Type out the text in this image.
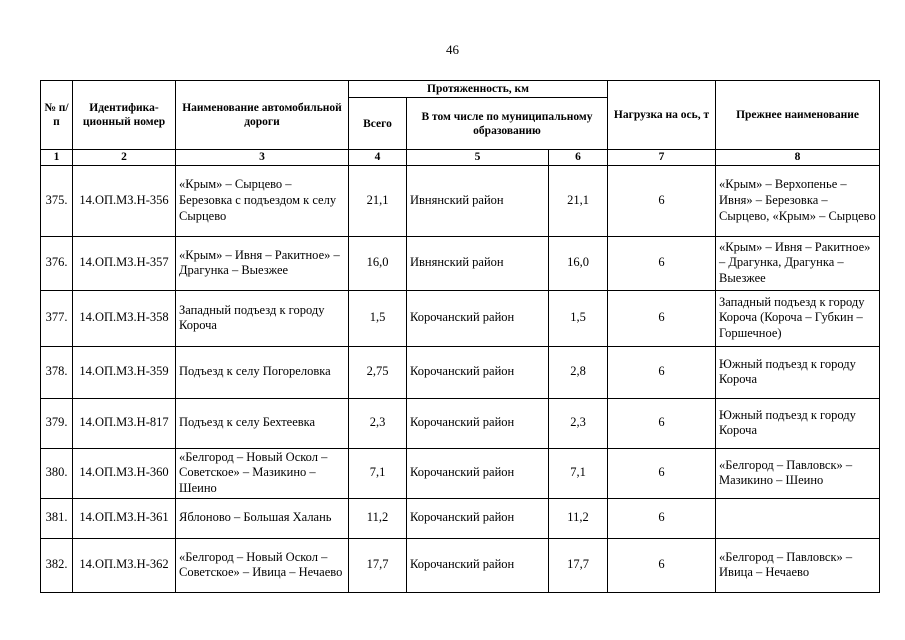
46
№ п/п	Идентифика-ционный номер	Наименование автомобильной дороги	Протяженность, км			Нагрузка на ось, т	Прежнее наименование
			Всего	В том числе по муниципальному образованию			
1	2	3	4	5	6	7	8
375.	14.ОП.МЗ.Н-356	«Крым» – Сырцево – Березовка с подъездом к селу Сырцево	21,1	Ивнянский район	21,1	6	«Крым» – Верхопенье – Ивня» – Березовка – Сырцево, «Крым» – Сырцево
376.	14.ОП.МЗ.Н-357	«Крым» – Ивня – Ракитное» – Драгунка – Выезжее	16,0	Ивнянский район	16,0	6	«Крым» – Ивня – Ракитное» – Драгунка, Драгунка – Выезжее
377.	14.ОП.МЗ.Н-358	Западный подъезд к городу Короча	1,5	Корочанский район	1,5	6	Западный подъезд к городу Короча (Короча – Губкин – Горшечное)
378.	14.ОП.МЗ.Н-359	Подъезд к селу Погореловка	2,75	Корочанский район	2,8	6	Южный подъезд к городу Короча
379.	14.ОП.МЗ.Н-817	Подъезд к селу Бехтеевка	2,3	Корочанский район	2,3	6	Южный подъезд к городу Короча
380.	14.ОП.МЗ.Н-360	«Белгород – Новый Оскол – Советское» – Мазикино – Шеино	7,1	Корочанский район	7,1	6	«Белгород – Павловск» – Мазикино – Шеино
381.	14.ОП.МЗ.Н-361	Яблоново – Большая Халань	11,2	Корочанский район	11,2	6	
382.	14.ОП.МЗ.Н-362	«Белгород – Новый Оскол – Советское» – Ивица – Нечаево	17,7	Корочанский район	17,7	6	«Белгород – Павловск» – Ивица – Нечаево
